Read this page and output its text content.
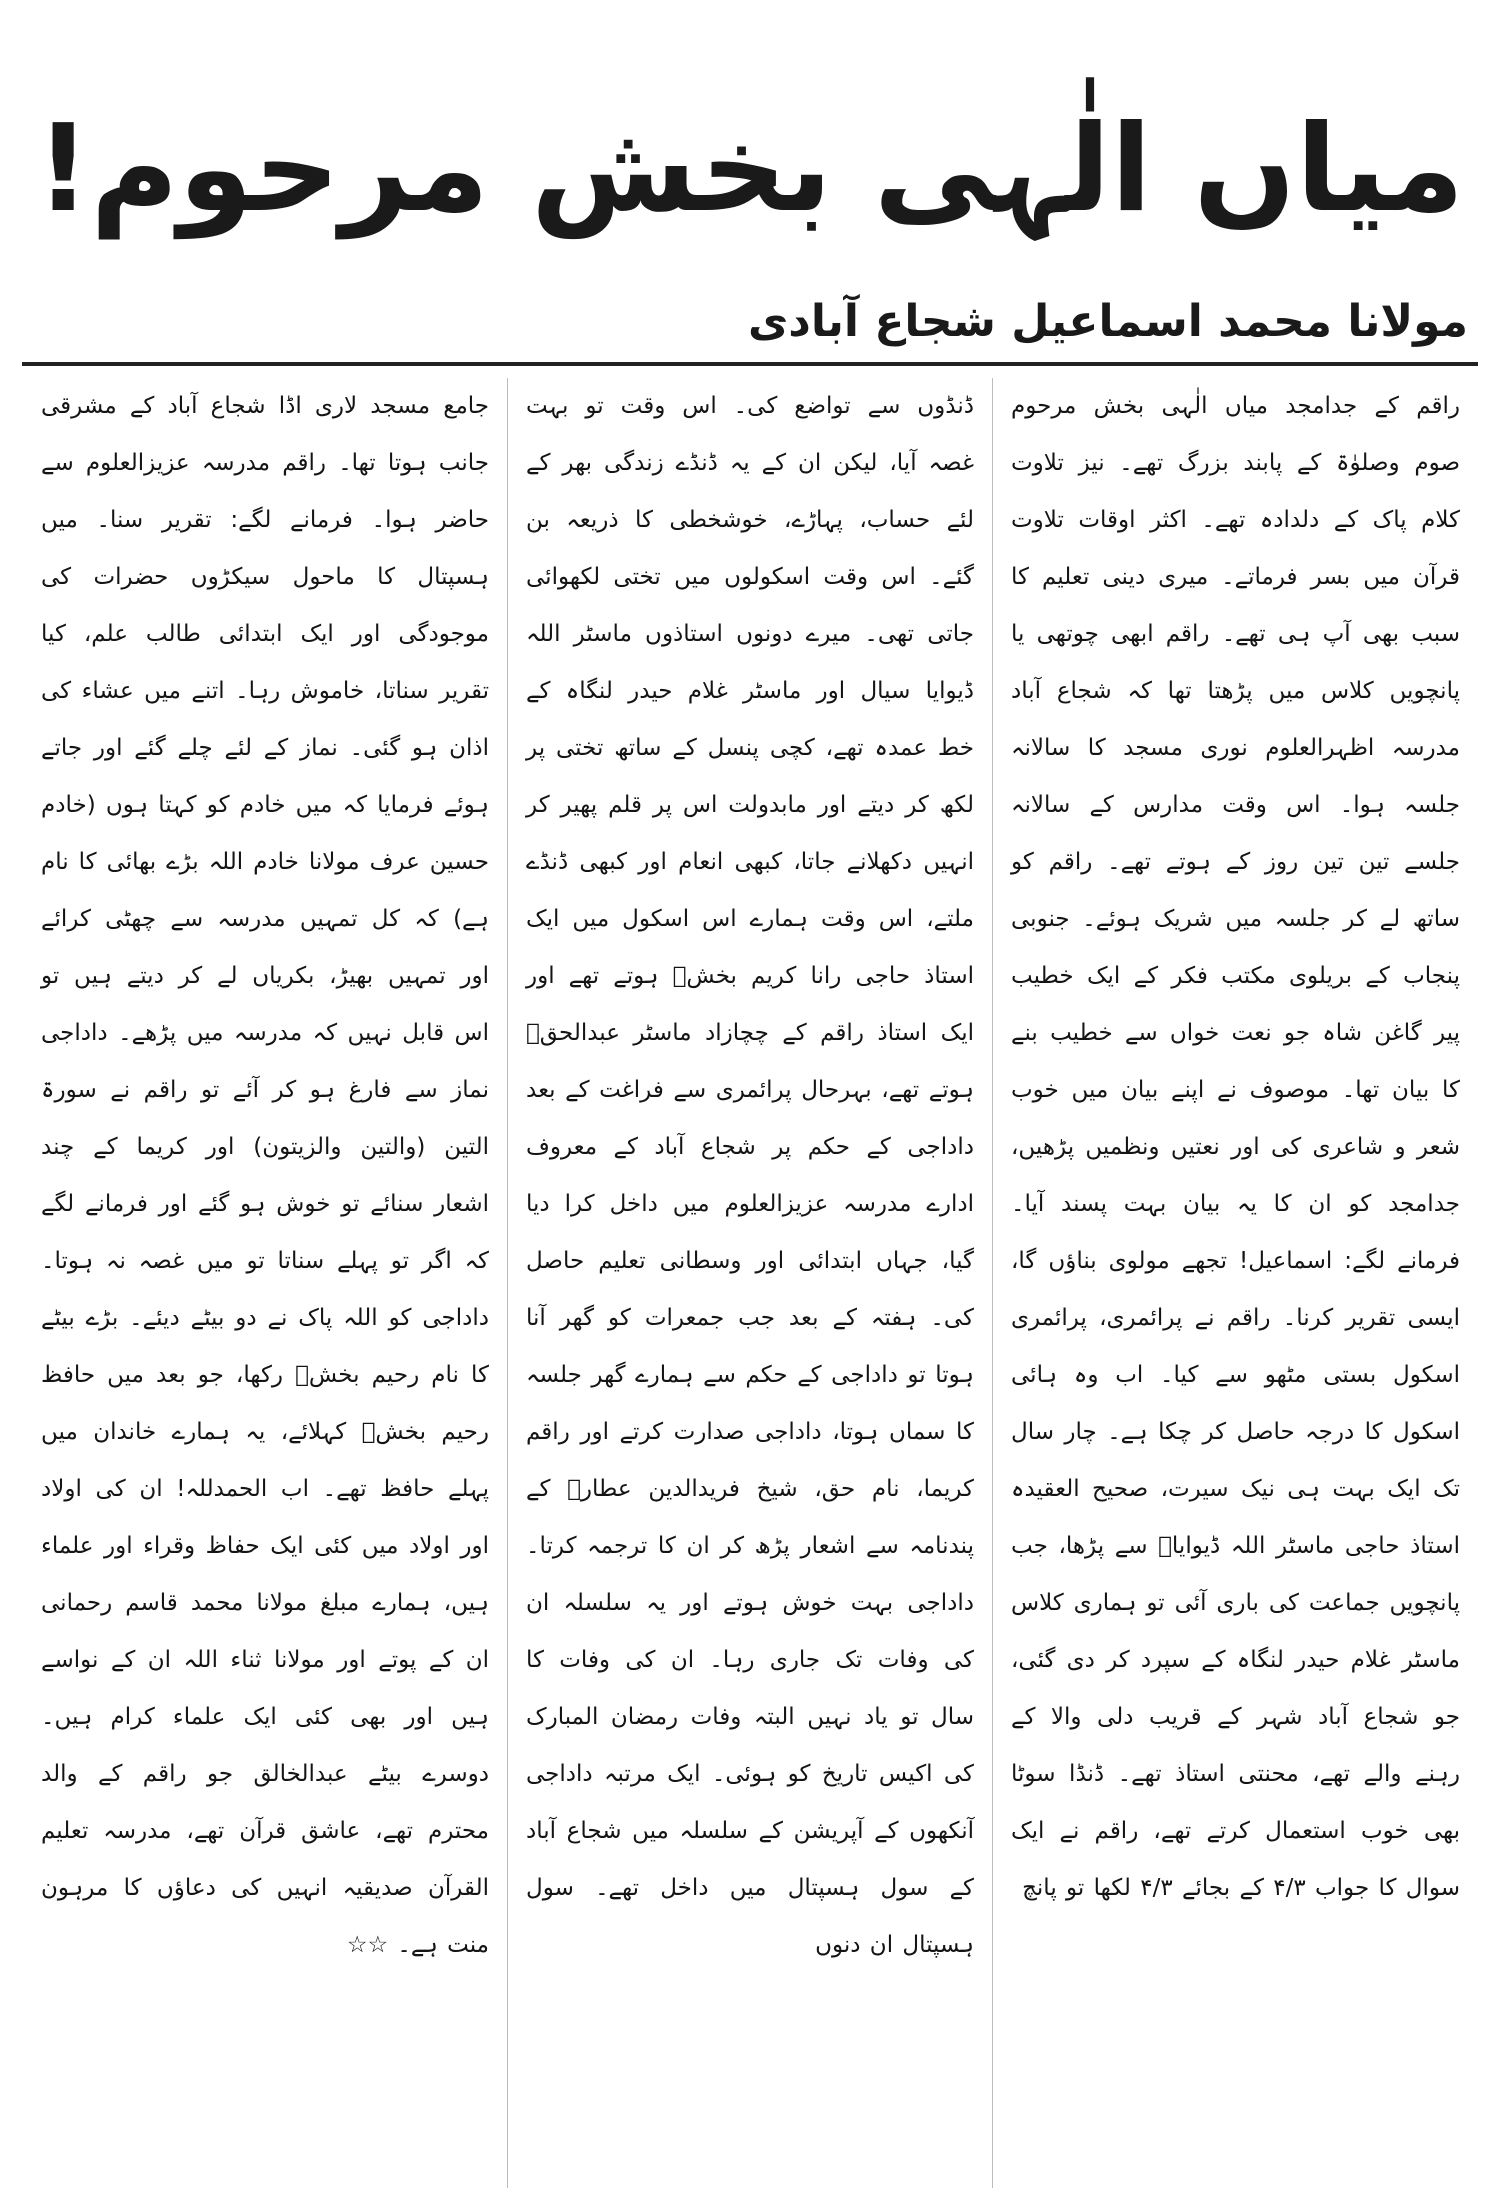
میاں الٰہی بخش مرحوم!
مولانا محمد اسماعیل شجاع آبادی

راقم کے جدامجد میاں الٰہی بخش مرحوم صوم وصلوٰۃ کے پابند بزرگ تھے۔ نیز تلاوت کلام پاک کے دلدادہ تھے۔ اکثر اوقات تلاوت قرآن میں بسر فرماتے۔ میری دینی تعلیم کا سبب بھی آپ ہی تھے۔ راقم ابھی چوتھی یا پانچویں کلاس میں پڑھتا تھا کہ شجاع آباد مدرسہ اظہرالعلوم نوری مسجد کا سالانہ جلسہ ہوا۔ اس وقت مدارس کے سالانہ جلسے تین تین روز کے ہوتے تھے۔ راقم کو ساتھ لے کر جلسہ میں شریک ہوئے۔ جنوبی پنجاب کے بریلوی مکتب فکر کے ایک خطیب پیر گاغن شاہ جو نعت خواں سے خطیب بنے کا بیان تھا۔ موصوف نے اپنے بیان میں خوب شعر و شاعری کی اور نعتیں ونظمیں پڑھیں، جدامجد کو ان کا یہ بیان بہت پسند آیا۔ فرمانے لگے: اسماعیل! تجھے مولوی بناؤں گا، ایسی تقریر کرنا۔ راقم نے پرائمری، پرائمری اسکول بستی مٹھو سے کیا۔ اب وہ ہائی اسکول کا درجہ حاصل کر چکا ہے۔ چار سال تک ایک بہت ہی نیک سیرت، صحیح العقیدہ استاذ حاجی ماسٹر اللہ ڈیوایاؒ سے پڑھا، جب پانچویں جماعت کی باری آئی تو ہماری کلاس ماسٹر غلام حیدر لنگاہ کے سپرد کر دی گئی، جو شجاع آباد شہر کے قریب دلی والا کے رہنے والے تھے، محنتی استاذ تھے۔ ڈنڈا سوٹا بھی خوب استعمال کرتے تھے، راقم نے ایک سوال کا جواب ۴/۳ کے بجائے ۴/۳ لکھا تو پانچ

ڈنڈوں سے تواضع کی۔ اس وقت تو بہت غصہ آیا، لیکن ان کے یہ ڈنڈے زندگی بھر کے لئے حساب، پہاڑے، خوشخطی کا ذریعہ بن گئے۔ اس وقت اسکولوں میں تختی لکھوائی جاتی تھی۔ میرے دونوں استاذوں ماسٹر اللہ ڈیوایا سیال اور ماسٹر غلام حیدر لنگاہ کے خط عمدہ تھے، کچی پنسل کے ساتھ تختی پر لکھ کر دیتے اور مابدولت اس پر قلم پھیر کر انہیں دکھلانے جاتا، کبھی انعام اور کبھی ڈنڈے ملتے، اس وقت ہمارے اس اسکول میں ایک استاذ حاجی رانا کریم بخشؒ ہوتے تھے اور ایک استاذ راقم کے چچازاد ماسٹر عبدالحقؒ ہوتے تھے، بہرحال پرائمری سے فراغت کے بعد داداجی کے حکم پر شجاع آباد کے معروف ادارے مدرسہ عزیزالعلوم میں داخل کرا دیا گیا، جہاں ابتدائی اور وسطانی تعلیم حاصل کی۔ ہفتہ کے بعد جب جمعرات کو گھر آنا ہوتا تو داداجی کے حکم سے ہمارے گھر جلسہ کا سماں ہوتا، داداجی صدارت کرتے اور راقم کریما، نام حق، شیخ فریدالدین عطارؒ کے پندنامہ سے اشعار پڑھ کر ان کا ترجمہ کرتا۔ داداجی بہت خوش ہوتے اور یہ سلسلہ ان کی وفات تک جاری رہا۔ ان کی وفات کا سال تو یاد نہیں البتہ وفات رمضان المبارک کی اکیس تاریخ کو ہوئی۔ ایک مرتبہ داداجی آنکھوں کے آپریشن کے سلسلہ میں شجاع آباد کے سول ہسپتال میں داخل تھے۔ سول ہسپتال ان دنوں

جامع مسجد لاری اڈا شجاع آباد کے مشرقی جانب ہوتا تھا۔ راقم مدرسہ عزیزالعلوم سے حاضر ہوا۔ فرمانے لگے: تقریر سنا۔ میں ہسپتال کا ماحول سیکڑوں حضرات کی موجودگی اور ایک ابتدائی طالب علم، کیا تقریر سناتا، خاموش رہا۔ اتنے میں عشاء کی اذان ہو گئی۔ نماز کے لئے چلے گئے اور جاتے ہوئے فرمایا کہ میں خادم کو کہتا ہوں (خادم حسین عرف مولانا خادم اللہ بڑے بھائی کا نام ہے) کہ کل تمہیں مدرسہ سے چھٹی کرائے اور تمہیں بھیڑ، بکریاں لے کر دیتے ہیں تو اس قابل نہیں کہ مدرسہ میں پڑھے۔ داداجی نماز سے فارغ ہو کر آئے تو راقم نے سورۃ التین (والتین والزیتون) اور کریما کے چند اشعار سنائے تو خوش ہو گئے اور فرمانے لگے کہ اگر تو پہلے سناتا تو میں غصہ نہ ہوتا۔ داداجی کو اللہ پاک نے دو بیٹے دیئے۔ بڑے بیٹے کا نام رحیم بخشؒ رکھا، جو بعد میں حافظ رحیم بخشؒ کہلائے، یہ ہمارے خاندان میں پہلے حافظ تھے۔ اب الحمدللہ! ان کی اولاد اور اولاد میں کئی ایک حفاظ وقراء اور علماء ہیں، ہمارے مبلغ مولانا محمد قاسم رحمانی ان کے پوتے اور مولانا ثناء اللہ ان کے نواسے ہیں اور بھی کئی ایک علماء کرام ہیں۔ دوسرے بیٹے عبدالخالق جو راقم کے والد محترم تھے، عاشق قرآن تھے، مدرسہ تعلیم القرآن صدیقیہ انہیں کی دعاؤں کا مرہون منت ہے۔ ☆☆
